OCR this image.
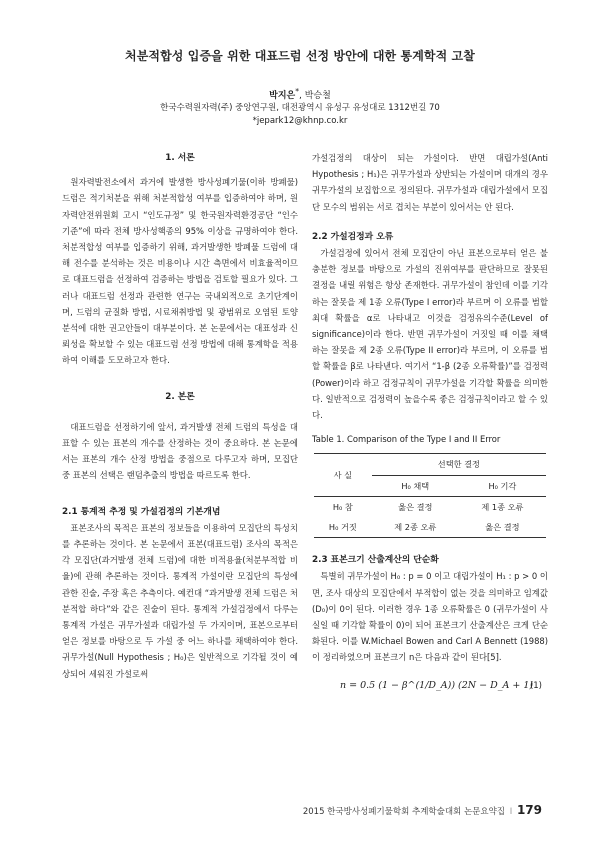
처분적합성 입증을 위한 대표드럼 선정 방안에 대한 통계학적 고찰
박지은*, 박승철
한국수력원자력(주) 중앙연구원, 대전광역시 유성구 유성대로 1312번길 70
*jepark12@khnp.co.kr
1. 서론

원자력발전소에서 과거에 발생한 방사성폐기물(이하 방폐물) 드럼은 적기처분을 위해 처분적합성 여부를 입증하여야 하며, 원자력안전위원회 고시 “인도규정” 및 한국원자력환경공단 “인수기준”에 따라 전체 방사성핵종의 95% 이상을 규명하여야 한다. 처분적합성 여부를 입증하기 위해, 과거발생한 방폐물 드럼에 대해 전수를 분석하는 것은 비용이나 시간 측면에서 비효율적이므로 대표드럼을 선정하여 검증하는 방법을 검토할 필요가 있다. 그러나 대표드럼 선정과 관련한 연구는 국내외적으로 초기단계이며, 드럼의 균질화 방법, 시료채취방법 및 광범위로 오염된 토양분석에 대한 권고안들이 대부분이다. 본 논문에서는 대표성과 신뢰성을 확보할 수 있는 대표드럼 선정 방법에 대해 통계학을 적용하여 이해를 도모하고자 한다.

2. 본론

대표드럼을 선정하기에 앞서, 과거발생 전체 드럼의 특성을 대표할 수 있는 표본의 개수를 산정하는 것이 중요하다. 본 논문에서는 표본의 개수 산정 방법을 중점으로 다루고자 하며, 모집단 중 표본의 선택은 랜덤추출의 방법을 따르도록 한다.

2.1 통계적 추정 및 가설검정의 기본개념

표본조사의 목적은 표본의 정보들을 이용하여 모집단의 특성치를 추론하는 것이다. 본 논문에서 표본(대표드럼) 조사의 목적은 각 모집단(과거발생 전체 드럼)에 대한 비적용율(처분부적합 비율)에 관해 추론하는 것이다. 통계적 가설이란 모집단의 특성에 관한 진술, 주장 혹은 추측이다. 예컨대 “과거발생 전체 드럼은 처분적합 하다”와 같은 진술이 된다. 통계적 가설검정에서 다루는 통계적 가설은 귀무가설과 대립가설 두 가지이며, 표본으로부터 얻은 정보를 바탕으로 두 가설 중 어느 하나를 채택하여야 한다. 귀무가설(Null Hypothesis ; H₀)은 일반적으로 기각될 것이 예상되어 세워진 가설로써

가설검정의 대상이 되는 가설이다. 반면 대립가설(Anti Hypothesis ; H₁)은 귀무가설과 상반되는 가설이며 대개의 경우 귀무가설의 보집합으로 정의된다. 귀무가설과 대립가설에서 모집단 모수의 범위는 서로 겹치는 부분이 있어서는 안 된다.

2.2 가설검정과 오류

가설검정에 있어서 전체 모집단이 아닌 표본으로부터 얻은 불충분한 정보를 바탕으로 가설의 진위여부를 판단하므로 잘못된 결정을 내릴 위험은 항상 존재한다. 귀무가설이 참인데 이를 기각하는 잘못을 제 1종 오류(Type I error)라 부르며 이 오류를 범할 최대 확률을 α로 나타내고 이것을 검정유의수준(Level of significance)이라 한다. 반면 귀무가설이 거짓일 때 이를 채택하는 잘못을 제 2종 오류(Type II error)라 부르며, 이 오류를 범할 확률을 β로 나타낸다. 여기서 “1-β (2종 오류확률)”를 검정력(Power)이라 하고 검정규칙이 귀무가설을 기각할 확률을 의미한다. 일반적으로 검정력이 높을수록 좋은 검정규칙이라고 할 수 있다.

Table 1. Comparison of the Type I and II Error
사 실	선택한 결정	
	H₀ 채택	H₀ 기각
H₀ 참	옳은 결정	제 1종 오류
H₀ 거짓	제 2종 오류	옳은 결정
2.3 표본크기 산출계산의 단순화

특별히 귀무가설이 H₀ : p = 0 이고 대립가설이 H₁ : p > 0 이면, 조사 대상의 모집단에서 부적합이 없는 것을 의미하고 임계값(D₀)이 0이 된다. 이러한 경우 1종 오류확률은 0 (귀무가설이 사실일 때 기각할 확률이 0)이 되어 표본크기 산출계산은 크게 단순화된다. 이를 W.Michael Bowen and Carl A Bennett (1988)이 정리하였으며 표본크기 n은 다음과 같이 된다[5].

n = 0.5 (1 − β^(1/D_A)) (2N − D_A + 1)
(1)
2015 한국방사성폐기물학회 추계학술대회 논문요약집 I 179
